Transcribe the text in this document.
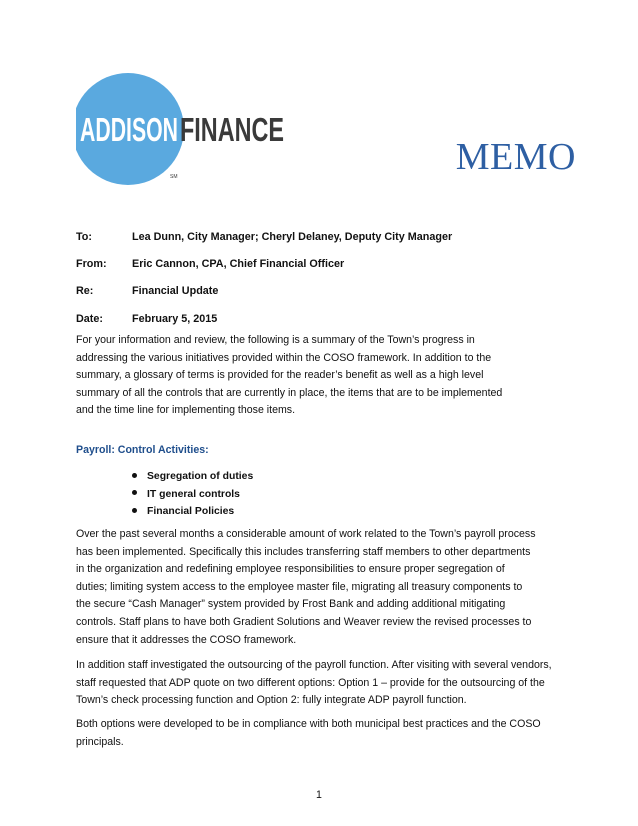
ADDISON FINANCE
SM	MEMO
To:	Lea Dunn, City Manager; Cheryl Delaney, Deputy City Manager
From: Eric Cannon, CPA, Chief Financial Officer
Re:	Financial Update
Date:	February 5, 2015
For your information and review, the following is a summary of the Town’s progress in
addressing the various initiatives provided within the COSO framework. In addition to the
summary, a glossary of terms is provided for the reader’s benefit as well as a high level
summary of all the controls that are currently in place, the items that are to be implemented
and the time line for implementing those items.
Payroll: Control Activities:
Segregation of duties
IT general controls
Financial Policies
Over the past several months a considerable amount of work related to the Town’s payroll process
has been implemented. Specifically this includes transferring staff members to other departments
in the organization and redefining employee responsibilities to ensure proper segregation of
duties; limiting system access to the employee master file, migrating all treasury components to
the secure “Cash Manager” system provided by Frost Bank and adding additional mitigating
controls. Staff plans to have both Gradient Solutions and Weaver review the revised processes to
ensure that it addresses the COSO framework.
In addition staff investigated the outsourcing of the payroll function. After visiting with several vendors,
staff requested that ADP quote on two different options: Option 1 – provide for the outsourcing of the
Town’s check processing function and Option 2: fully integrate ADP payroll function.
Both options were developed to be in compliance with both municipal best practices and the COSO
principals.
1
